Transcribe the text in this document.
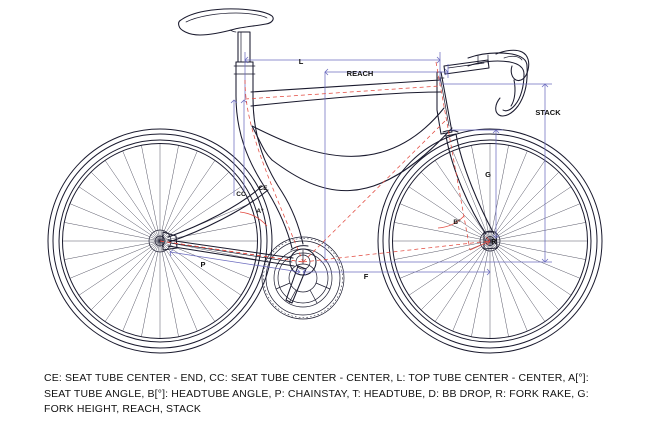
L
REACH
STACK
G
CC
CE
A°
B°
R
P
F
CE: SEAT TUBE CENTER - END, CC: SEAT TUBE CENTER - CENTER, L: TOP TUBE CENTER - CENTER, A[°]: SEAT TUBE ANGLE, B[°]: HEADTUBE ANGLE, P: CHAINSTAY, T: HEADTUBE, D: BB DROP, R: FORK RAKE, G: FORK HEIGHT, REACH, STACK
